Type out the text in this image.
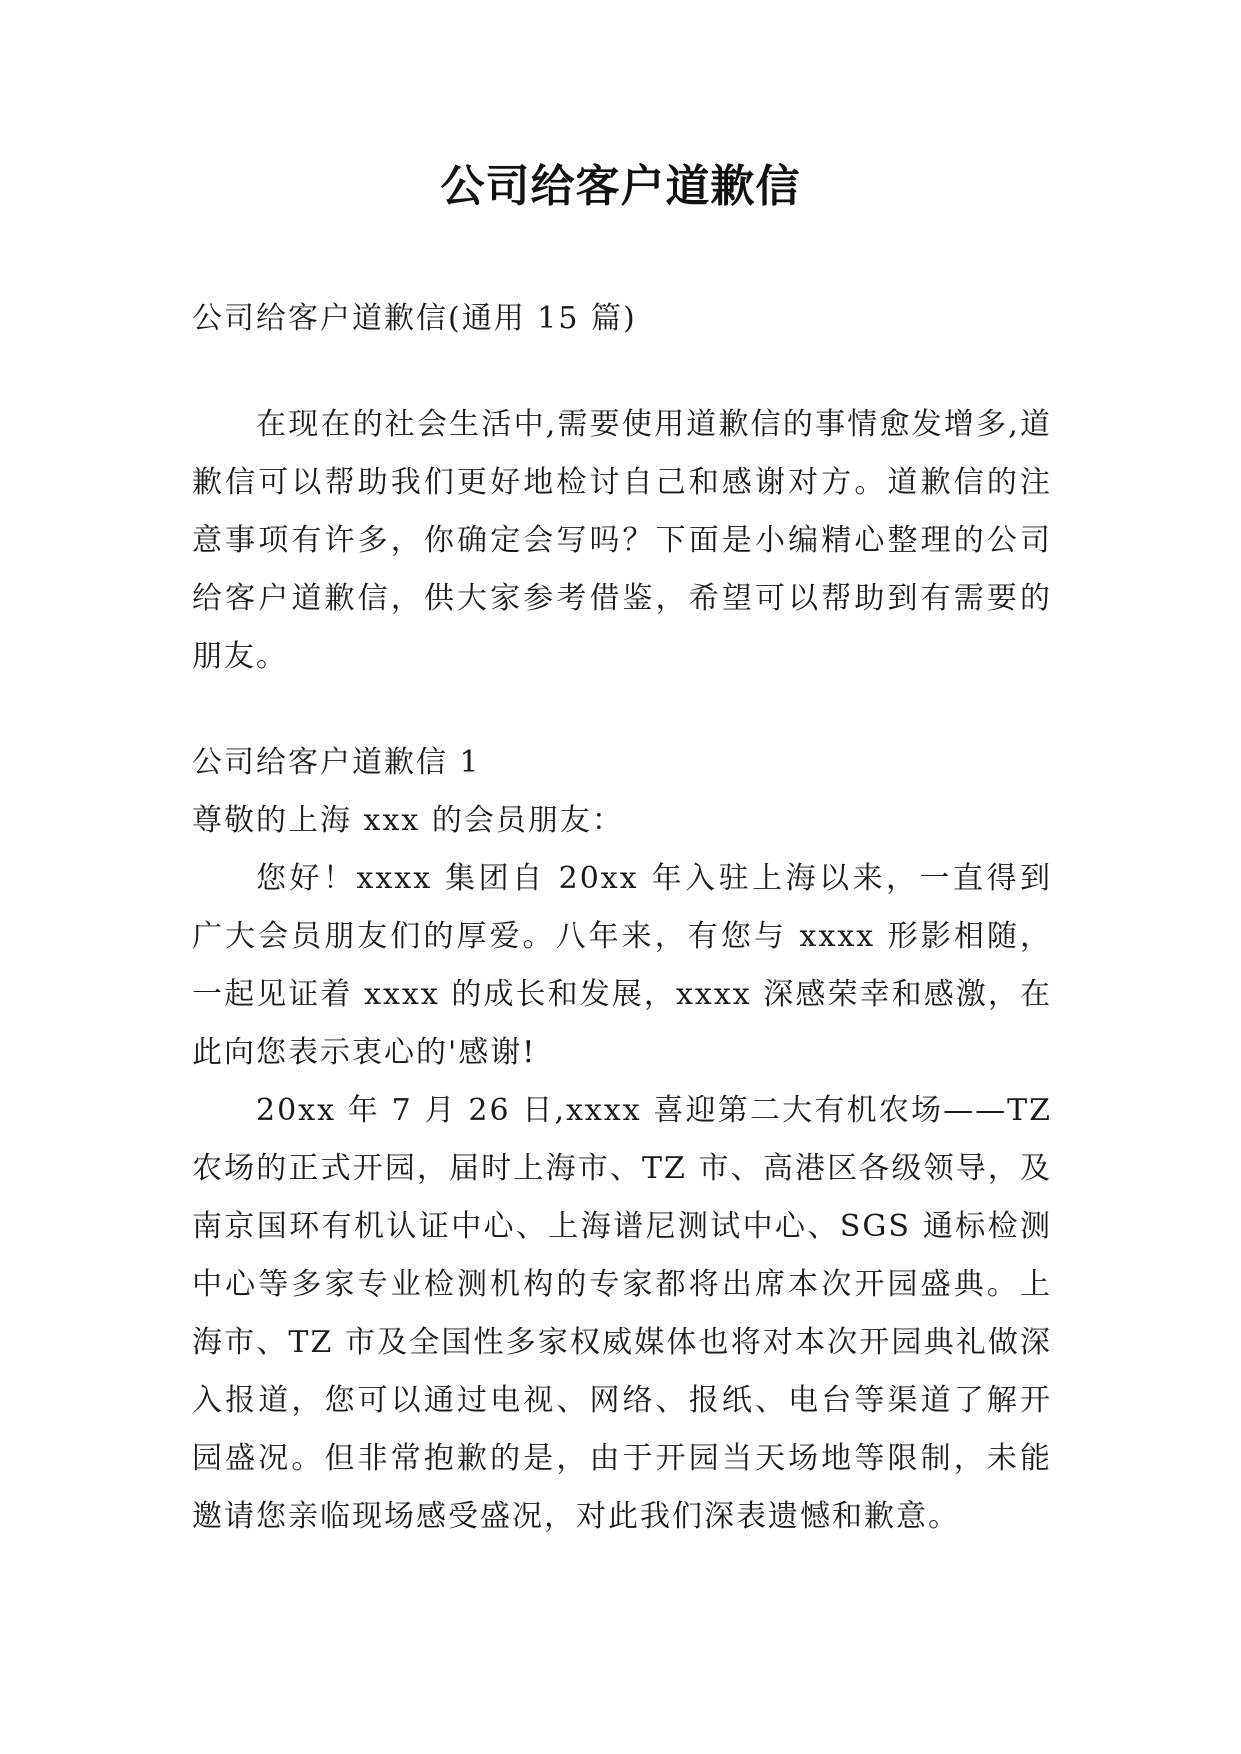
公司给客户道歉信

公司给客户道歉信(通用 15 篇)

在现在的社会生活中,需要使用道歉信的事情愈发增多,道歉信可以帮助我们更好地检讨自己和感谢对方。道歉信的注意事项有许多，你确定会写吗？下面是小编精心整理的公司给客户道歉信，供大家参考借鉴，希望可以帮助到有需要的朋友。

公司给客户道歉信 1

尊敬的上海 xxx 的会员朋友：

您好！xxxx 集团自 20xx 年入驻上海以来，一直得到广大会员朋友们的厚爱。八年来，有您与 xxxx 形影相随，一起见证着 xxxx 的成长和发展，xxxx 深感荣幸和感激，在此向您表示衷心的'感谢!

20xx 年 7 月 26 日,xxxx 喜迎第二大有机农场——TZ 农场的正式开园，届时上海市、TZ 市、高港区各级领导，及南京国环有机认证中心、上海谱尼测试中心、SGS 通标检测中心等多家专业检测机构的专家都将出席本次开园盛典。上海市、TZ 市及全国性多家权威媒体也将对本次开园典礼做深入报道，您可以通过电视、网络、报纸、电台等渠道了解开园盛况。但非常抱歉的是，由于开园当天场地等限制，未能邀请您亲临现场感受盛况，对此我们深表遗憾和歉意。
